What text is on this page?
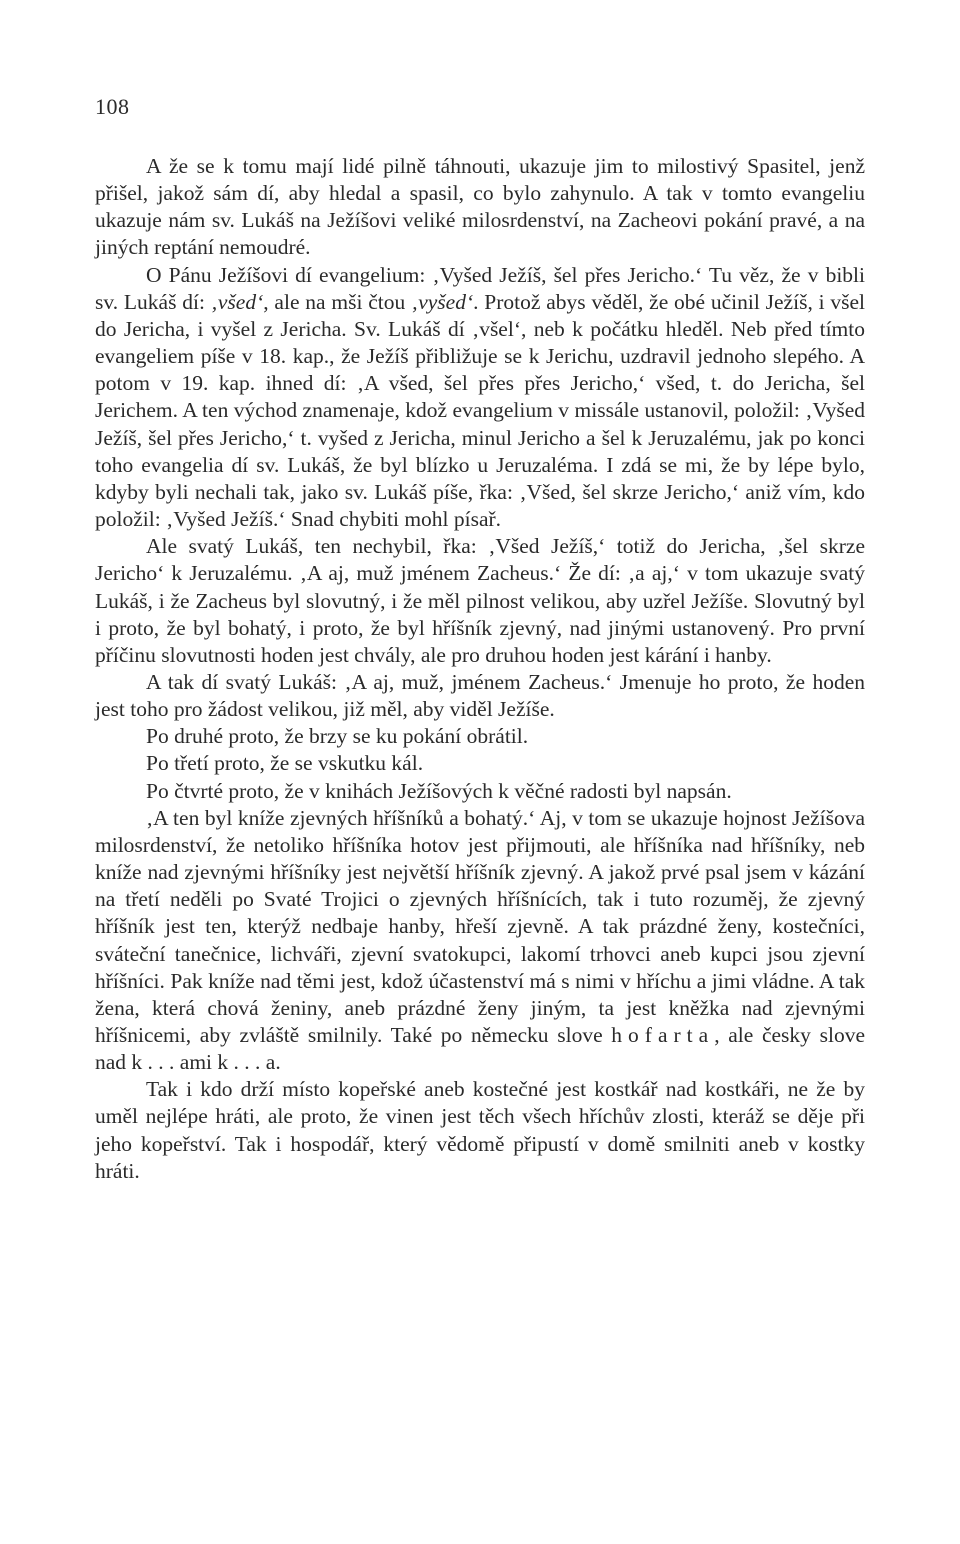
108

A že se k tomu mají lidé pilně táhnouti, ukazuje jim to milostivý Spasitel, jenž přišel, jakož sám dí, aby hledal a spasil, co bylo zahynulo. A tak v tomto evangeliu ukazuje nám sv. Lukáš na Ježíšovi veliké milosrdenství, na Zacheovi pokání pravé, a na jiných reptání nemoudré.

O Pánu Ježíšovi dí evangelium: ‚Vyšed Ježíš, šel přes Jericho.‘ Tu věz, že v bibli sv. Lukáš dí: ‚všed‘, ale na mši čtou ‚vyšed‘. Protož abys věděl, že obé učinil Ježíš, i všel do Jericha, i vyšel z Jericha. Sv. Lukáš dí ‚všel‘, neb k počátku hleděl. Neb před tímto evangeliem píše v 18. kap., že Ježíš přibližuje se k Jerichu, uzdravil jednoho slepého. A potom v 19. kap. ihned dí: ‚A všed, šel přes přes Jericho,‘ všed, t. do Jericha, šel Jerichem. A ten východ znamenaje, kdož evangelium v missále ustanovil, položil: ‚Vyšed Ježíš, šel přes Jericho,‘ t. vyšed z Jericha, minul Jericho a šel k Jeruzalému, jak po konci toho evangelia dí sv. Lukáš, že byl blízko u Jeruzaléma. I zdá se mi, že by lépe bylo, kdyby byli nechali tak, jako sv. Lukáš píše, řka: ‚Všed, šel skrze Jericho,‘ aniž vím, kdo položil: ‚Vyšed Ježíš.‘ Snad chybiti mohl písař.

Ale svatý Lukáš, ten nechybil, řka: ‚Všed Ježíš,‘ totiž do Jericha, ‚šel skrze Jericho‘ k Jeruzalému. ‚A aj, muž jménem Zacheus.‘ Že dí: ‚a aj,‘ v tom ukazuje svatý Lukáš, i že Zacheus byl slovutný, i že měl pilnost velikou, aby uzřel Ježíše. Slovutný byl i proto, že byl bohatý, i proto, že byl hříšník zjevný, nad jinými ustanovený. Pro první příčinu slovutnosti hoden jest chvály, ale pro druhou hoden jest kárání i hanby.

A tak dí svatý Lukáš: ‚A aj, muž, jménem Zacheus.‘ Jmenuje ho proto, že hoden jest toho pro žádost velikou, již měl, aby viděl Ježíše.

Po druhé proto, že brzy se ku pokání obrátil.

Po třetí proto, že se vskutku kál.

Po čtvrté proto, že v knihách Ježíšových k věčné radosti byl napsán.

‚A ten byl kníže zjevných hříšníků a bohatý.‘ Aj, v tom se ukazuje hojnost Ježíšova milosrdenství, že netoliko hříšníka hotov jest přijmouti, ale hříšníka nad hříšníky, neb kníže nad zjevnými hříšníky jest největší hříšník zjevný. A jakož prvé psal jsem v kázání na třetí neděli po Svaté Trojici o zjevných hříšnících, tak i tuto rozuměj, že zjevný hříšník jest ten, kterýž nedbaje hanby, hřeší zjevně. A tak prázdné ženy, kostečníci, sváteční tanečnice, lichváři, zjevní svatokupci, lakomí trhovci aneb kupci jsou zjevní hříšníci. Pak kníže nad těmi jest, kdož účastenství má s nimi v hříchu a jimi vládne. A tak žena, která chová ženiny, aneb prázdné ženy jiným, ta jest kněžka nad zjevnými hříšnicemi, aby zvláště smilnily. Také po německu slove hofarta, ale česky slove nad k . . . ami k . . . a.

Tak i kdo drží místo kopeřské aneb kostečné jest kostkář nad kostkáři, ne že by uměl nejlépe hráti, ale proto, že vinen jest těch všech hříchův zlosti, kteráž se děje při jeho kopeřství. Tak i hospodář, který vědomě připustí v domě smilniti aneb v kostky hráti.
